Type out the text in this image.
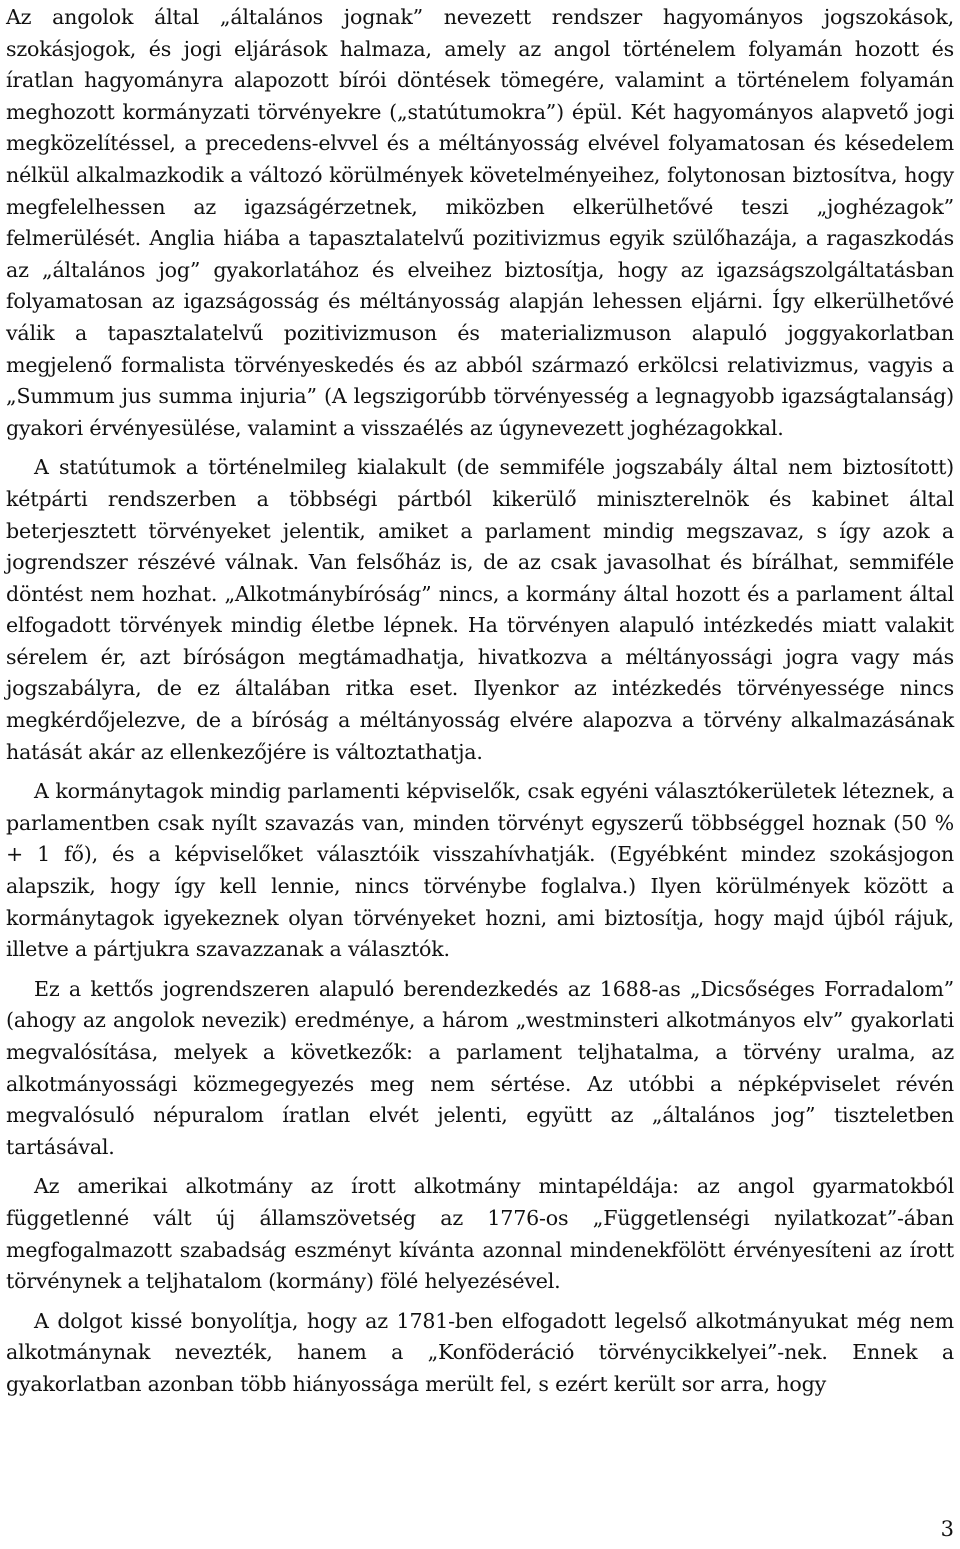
Az angolok által „általános jognak” nevezett rendszer hagyományos jogszokások, szokásjogok, és jogi eljárások halmaza, amely az angol történelem folyamán hozott és íratlan hagyományra alapozott bírói döntések tömegére, valamint a történelem folyamán meghozott kormányzati törvényekre („statútumokra”) épül. Két hagyományos alapvető jogi megközelítéssel, a precedens-elvvel és a méltányosság elvével folyamatosan és késedelem nélkül alkalmazkodik a változó körülmények követelményeihez, folytonosan biztosítva, hogy megfelelhessen az igazságérzetnek, miközben elkerülhetővé teszi „joghézagok” felmerülését. Anglia hiába a tapasztalatelvű pozitivizmus egyik szülőhazája, a ragaszkodás az „általános jog” gyakorlatához és elveihez biztosítja, hogy az igazságszolgáltatásban folyamatosan az igazságosság és méltányosság alapján lehessen eljárni. Így elkerülhetővé válik a tapasztalatelvű pozitivizmuson és materializmuson alapuló joggyakorlatban megjelenő formalista törvényeskedés és az abból származó erkölcsi relativizmus, vagyis a „Summum jus summa injuria” (A legszigorúbb törvényesség a legnagyobb igazságtalanság) gyakori érvényesülése, valamint a visszaélés az úgynevezett joghézagokkal.

A statútumok a történelmileg kialakult (de semmiféle jogszabály által nem biztosított) kétpárti rendszerben a többségi pártból kikerülő miniszterelnök és kabinet által beterjesztett törvényeket jelentik, amiket a parlament mindig megszavaz, s így azok a jogrendszer részévé válnak. Van felsőház is, de az csak javasolhat és bírálhat, semmiféle döntést nem hozhat. „Alkotmánybíróság” nincs, a kormány által hozott és a parlament által elfogadott törvények mindig életbe lépnek. Ha törvényen alapuló intézkedés miatt valakit sérelem ér, azt bíróságon megtámadhatja, hivatkozva a méltányossági jogra vagy más jogszabályra, de ez általában ritka eset. Ilyenkor az intézkedés törvényessége nincs megkérdőjelezve, de a bíróság a méltányosság elvére alapozva a törvény alkalmazásának hatását akár az ellenkezőjére is változtathatja.

A kormánytagok mindig parlamenti képviselők, csak egyéni választókerületek léteznek, a parlamentben csak nyílt szavazás van, minden törvényt egyszerű többséggel hoznak (50 % + 1 fő), és a képviselőket választóik visszahívhatják. (Egyébként mindez szokásjogon alapszik, hogy így kell lennie, nincs törvénybe foglalva.) Ilyen körülmények között a kormánytagok igyekeznek olyan törvényeket hozni, ami biztosítja, hogy majd újból rájuk, illetve a pártjukra szavazzanak a választók.

Ez a kettős jogrendszeren alapuló berendezkedés az 1688-as „Dicsőséges Forradalom” (ahogy az angolok nevezik) eredménye, a három „westminsteri alkotmányos elv” gyakorlati megvalósítása, melyek a következők: a parlament teljhatalma, a törvény uralma, az alkotmányossági közmegegyezés meg nem sértése. Az utóbbi a népképviselet révén megvalósuló népuralom íratlan elvét jelenti, együtt az „általános jog” tiszteletben tartásával.

Az amerikai alkotmány az írott alkotmány mintapéldája: az angol gyarmatokból függetlenné vált új államszövetség az 1776-os „Függetlenségi nyilatkozat”-ában megfogalmazott szabadság eszményt kívánta azonnal mindenekfölött érvényesíteni az írott törvénynek a teljhatalom (kormány) fölé helyezésével.

A dolgot kissé bonyolítja, hogy az 1781-ben elfogadott legelső alkotmányukat még nem alkotmánynak nevezték, hanem a „Konföderáció törvénycikkelyei”-nek. Ennek a gyakorlatban azonban több hiányossága merült fel, s ezért került sor arra, hogy

3
